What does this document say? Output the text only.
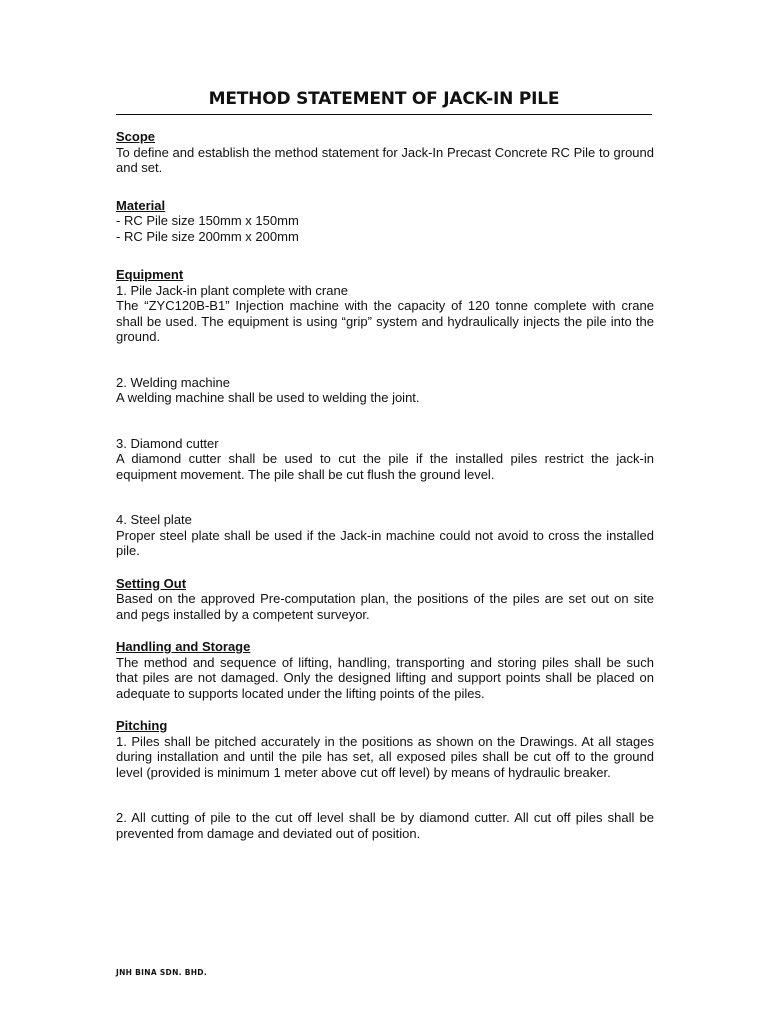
METHOD STATEMENT OF JACK-IN PILE

Scope

To define and establish the method statement for Jack-In Precast Concrete RC Pile to ground and set.

Material

- RC Pile size 150mm x 150mm

- RC Pile size 200mm x 200mm

Equipment

1. Pile Jack-in plant complete with crane

The “ZYC120B-B1” Injection machine with the capacity of 120 tonne complete with crane shall be used. The equipment is using “grip” system and hydraulically injects the pile into the ground.

2. Welding machine

A welding machine shall be used to welding the joint.

3. Diamond cutter

A diamond cutter shall be used to cut the pile if the installed piles restrict the jack-in equipment movement. The pile shall be cut flush the ground level.

4. Steel plate

Proper steel plate shall be used if the Jack-in machine could not avoid to cross the installed pile.

Setting Out

Based on the approved Pre-computation plan, the positions of the piles are set out on site and pegs installed by a competent surveyor.

Handling and Storage

The method and sequence of lifting, handling, transporting and storing piles shall be such that piles are not damaged. Only the designed lifting and support points shall be placed on adequate to supports located under the lifting points of the piles.

Pitching

1. Piles shall be pitched accurately in the positions as shown on the Drawings. At all stages during installation and until the pile has set, all exposed piles shall be cut off to the ground level (provided is minimum 1 meter above cut off level) by means of hydraulic breaker.

2. All cutting of pile to the cut off level shall be by diamond cutter. All cut off piles shall be prevented from damage and deviated out of position.

JNH BINA SDN. BHD.
